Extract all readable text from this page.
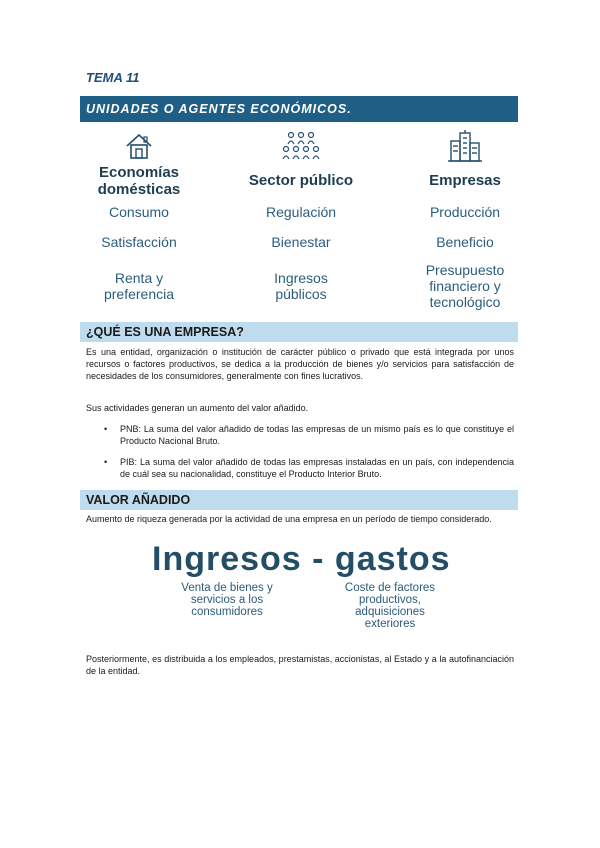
TEMA 11
UNIDADES O AGENTES ECONÓMICOS.
Economías domésticas
Consumo
Satisfacción
Renta y preferencia
Sector público
Regulación
Bienestar
Ingresos públicos
Empresas
Producción
Beneficio
Presupuesto financiero y tecnológico
¿QUÉ ES UNA EMPRESA?
Es una entidad, organización o institución de carácter público o privado que está integrada por unos recursos o factores productivos, se dedica a la producción de bienes y/o servicios para satisfacción de necesidades de los consumidores, generalmente con fines lucrativos.
Sus actividades generan un aumento del valor añadido.
• PNB: La suma del valor añadido de todas las empresas de un mismo país es lo que constituye el Producto Nacional Bruto.
• PIB: La suma del valor añadido de todas las empresas instaladas en un país, con independencia de cuál sea su nacionalidad, constituye el Producto Interior Bruto.
VALOR AÑADIDO
Aumento de riqueza generada por la actividad de una empresa en un período de tiempo considerado.
Ingresos - gastos
Venta de bienes y servicios a los consumidores
Coste de factores productivos, adquisiciones exteriores
Posteriormente, es distribuida a los empleados, prestamistas, accionistas, al Estado y a la autofinanciación de la entidad.
